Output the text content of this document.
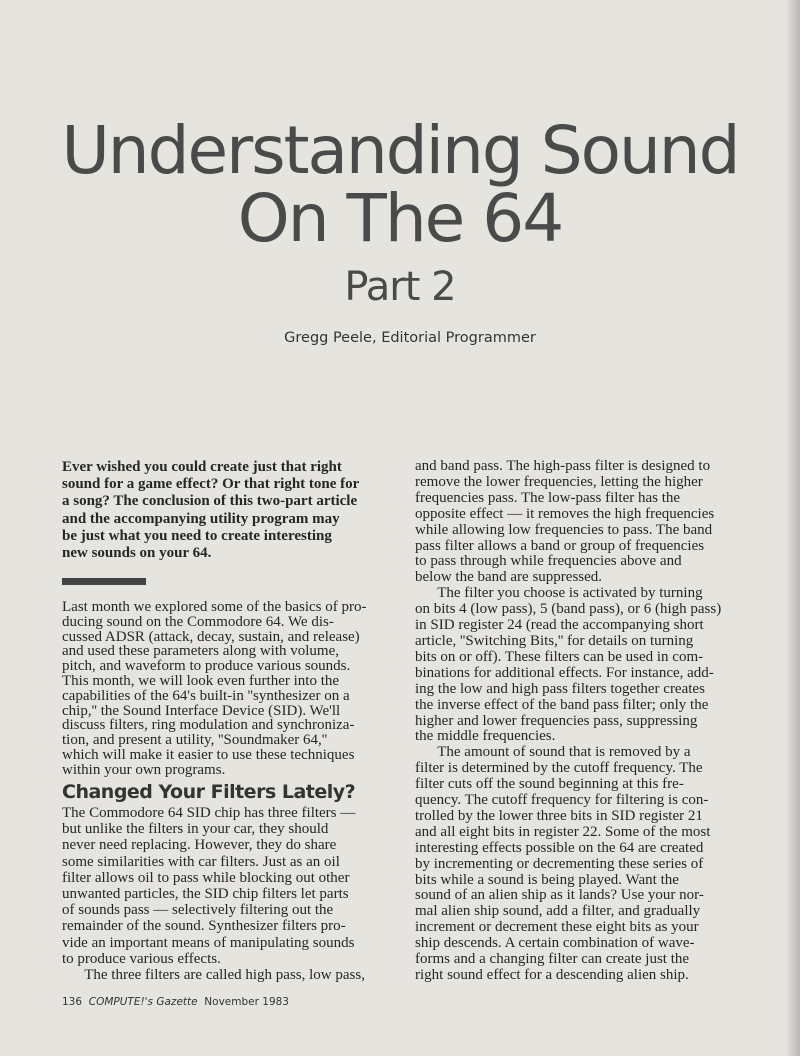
Understanding Sound
On The 64
Part 2
Gregg Peele, Editorial Programmer
Ever wished you could create just that right
sound for a game effect? Or that right tone for
a song? The conclusion of this two-part article
and the accompanying utility program may
be just what you need to create interesting
new sounds on your 64.
Last month we explored some of the basics of pro-
ducing sound on the Commodore 64. We dis-
cussed ADSR (attack, decay, sustain, and release)
and used these parameters along with volume,
pitch, and waveform to produce various sounds.
This month, we will look even further into the
capabilities of the 64's built-in ''synthesizer on a
chip,'' the Sound Interface Device (SID). We'll
discuss filters, ring modulation and synchroniza-
tion, and present a utility, ''Soundmaker 64,''
which will make it easier to use these techniques
within your own programs.
Changed Your Filters Lately?
The Commodore 64 SID chip has three filters —
but unlike the filters in your car, they should
never need replacing. However, they do share
some similarities with car filters. Just as an oil
filter allows oil to pass while blocking out other
unwanted particles, the SID chip filters let parts
of sounds pass — selectively filtering out the
remainder of the sound. Synthesizer filters pro-
vide an important means of manipulating sounds
to produce various effects.
The three filters are called high pass, low pass,
and band pass. The high-pass filter is designed to
remove the lower frequencies, letting the higher
frequencies pass. The low-pass filter has the
opposite effect — it removes the high frequencies
while allowing low frequencies to pass. The band
pass filter allows a band or group of frequencies
to pass through while frequencies above and
below the band are suppressed.
The filter you choose is activated by turning
on bits 4 (low pass), 5 (band pass), or 6 (high pass)
in SID register 24 (read the accompanying short
article, ''Switching Bits,'' for details on turning
bits on or off). These filters can be used in com-
binations for additional effects. For instance, add-
ing the low and high pass filters together creates
the inverse effect of the band pass filter; only the
higher and lower frequencies pass, suppressing
the middle frequencies.
The amount of sound that is removed by a
filter is determined by the cutoff frequency. The
filter cuts off the sound beginning at this fre-
quency. The cutoff frequency for filtering is con-
trolled by the lower three bits in SID register 21
and all eight bits in register 22. Some of the most
interesting effects possible on the 64 are created
by incrementing or decrementing these series of
bits while a sound is being played. Want the
sound of an alien ship as it lands? Use your nor-
mal alien ship sound, add a filter, and gradually
increment or decrement these eight bits as your
ship descends. A certain combination of wave-
forms and a changing filter can create just the
right sound effect for a descending alien ship.
136 COMPUTE!'s Gazette November 1983
